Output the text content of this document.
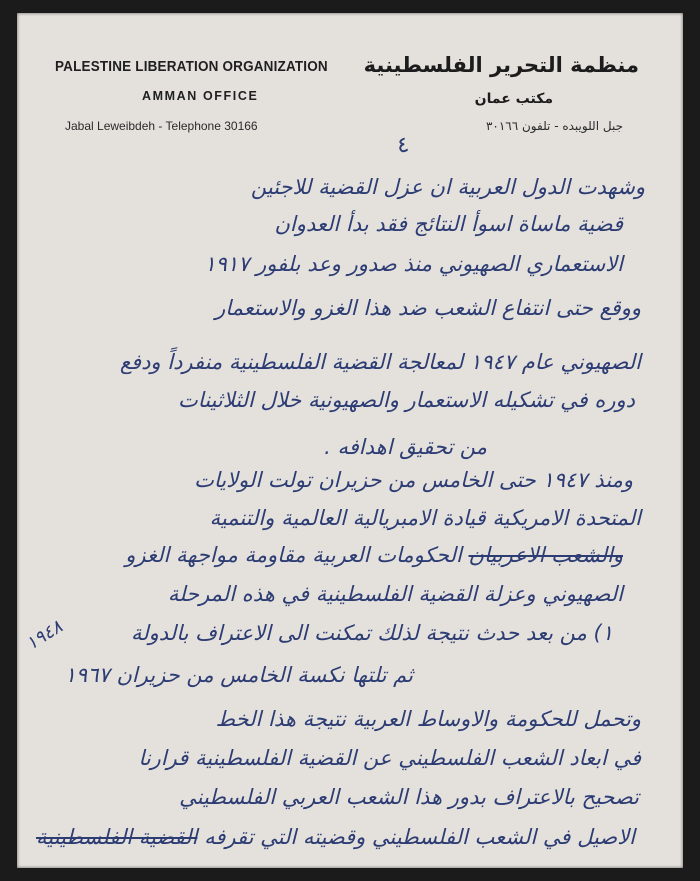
PALESTINE LIBERATION ORGANIZATION
AMMAN OFFICE
Jabal Leweibdeh - Telephone 30166
منظمة التحرير الفلسطينية
مكتب عمان
جبل اللويبده - تلفون ٣٠١٦٦
٤
وشهدت الدول العربية ان عزل القضية للاجئين
قضية ماساة اسوأ النتائج فقد بدأ العدوان
الاستعماري الصهيوني منذ صدور وعد بلفور ١٩١٧
ووقع حتى انتفاع الشعب ضد هذا الغزو والاستعمار
الصهيوني عام ١٩٤٧ لمعالجة القضية الفلسطينية منفرداً ودفع
دوره في تشكيله الاستعمار والصهيونية خلال الثلاثينات
من تحقيق اهدافه .
ومنذ ١٩٤٧ حتى الخامس من حزيران تولت الولايات
المتحدة الامريكية قيادة الامبريالية العالمية والتنمية
والشعب الاعربيان الحكومات العربية مقاومة مواجهة الغزو
الصهيوني وعزلة القضية الفلسطينية في هذه المرحلة
١) من بعد حدث نتيجة لذلك تمكنت الى الاعتراف بالدولة
ثم تلتها نكسة الخامس من حزيران ١٩٦٧
وتحمل للحكومة والاوساط العربية نتيجة هذا الخط
في ابعاد الشعب الفلسطيني عن القضية الفلسطينية قرارنا
تصحيح بالاعتراف بدور هذا الشعب العربي الفلسطيني
الاصيل في الشعب الفلسطيني وقضيته التي تقرفه القضية الفلسطينية
١٩٤٨
